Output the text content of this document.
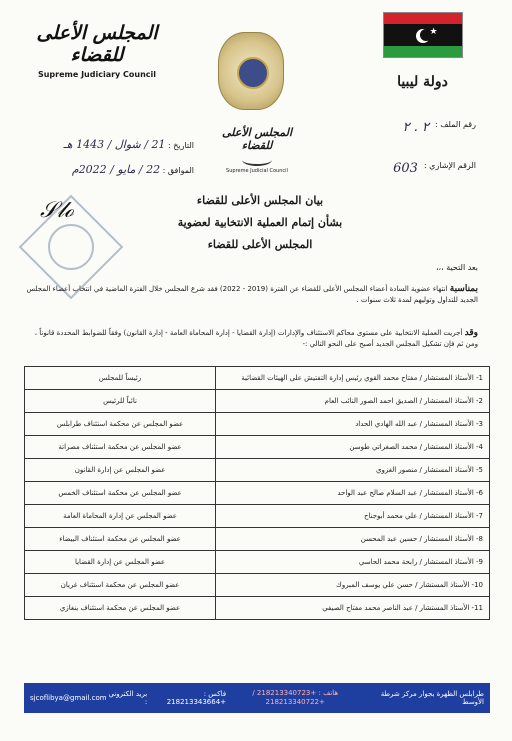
★
دولة ليبيا
المجلس الأعلى للقضاء
Supreme Judiciary Council
المجلس الأعلى للقضاء
Supreme Judicial Council
رقم الملف :
٢ . ٢
الرقم الإشاري :
603
التاريخ : 21 / شوال / 1443 هـ
الموافق : 22 / مايو / 2022م
𝒮𝓁ℴ	بيان المجلس الأعلى للقضاء
بشأن إتمام العملية الانتخابية لعضوية
المجلس الأعلى للقضاء
بعد التحية ،،،
بمناسبة انتهاء عضوية السادة أعضاء المجلس الأعلى للقضاء عن الفترة (2019 - 2022) فقد شرع المجلس خلال الفترة الماضية في انتخاب أعضاء المجلس الجديد للتداول وتوليهم لمدة ثلاث سنوات .
وقد أجريت العملية الانتخابية على مستوى محاكم الاستئناف والإدارات (إدارة القضايا - إدارة المحاماة العامة - إدارة القانون) وفقاً للضوابط المحددة قانوناً ، ومن ثم فإن تشكيل المجلس الجديد أصبح على النحو التالي :-
1- الأستاذ المستشار / مفتاح محمد القوي رئيس إدارة التفتيش على الهيئات القضائية	رئيساً للمجلس
2- الأستاذ المستشار / الصديق احمد الصور النائب العام	نائباً للرئيس
3- الأستاذ المستشار / عبد الله الهادي الحداد	عضو المجلس عن محكمة استئناف طرابلس
4- الأستاذ المستشار / محمد الصغراتي طوسن	عضو المجلس عن محكمة استئناف مصراتة
5- الأستاذ المستشار / منصور الغزوي	عضو المجلس عن إدارة القانون
6- الأستاذ المستشار / عبد السلام صالح عبد الواحد	عضو المجلس عن محكمة استئناف الخمس
7- الأستاذ المستشار / علي محمد أبوجناح	عضو المجلس عن إدارة المحاماة العامة
8- الأستاذ المستشار / حسين عبد المحسن	عضو المجلس عن محكمة استئناف البيضاء
9- الأستاذ المستشار / رابحة محمد الحاسي	عضو المجلس عن إدارة القضايا
10- الأستاذ المستشار / حسن علي يوسف المبروك	عضو المجلس عن محكمة استئناف غريان
11- الأستاذ المستشار / عبد الناصر محمد مفتاح الصيفي	عضو المجلس عن محكمة استئناف بنغازي
sjcoflibya@gmail.com بريد الكتروني :
فاكس : +218213343664
هاتف : +218213340723 / +218213340722
طرابلس الظهرة بجوار مركز شرطة الأوسط
